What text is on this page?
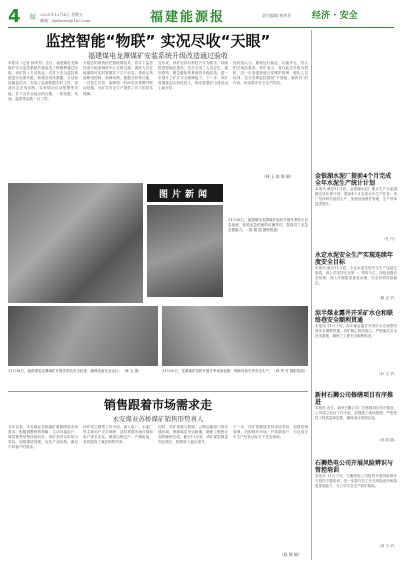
4 版 2020年12月4日 星期五
邮箱：fjnfnews@163.com	福建能源报	责任编辑 林秀芳 经济 · 安全
监控智能“物联” 实况尽收“天眼”
福建煤电龙潭煤矿安装系统升级改造通过验收
本报讯（记者 林秀芳）近日，福建煤电龙潭煤矿安全监控系统升级改造工程顺利通过验收。该矿投入专项资金，对井下安全监控系统进行全面升级，新增各类传感器、分站和视频监控点，实现了监测数据实时上传、设备状态在线诊断、异常情况自动报警等功能，井下各作业地点的瓦斯、一氧化碳、风速、温度等参数一目了然。
升级后的系统依托物联网技术，将井下监控设备与地面调度中心互联互通，调度人员在地面即可实时掌握井下生产动态。系统还具备断电控制、故障闭锁、数据分析等功能，一旦发生异常，能够第一时间发出预警并联动处置，为矿井安全生产提供了有力的技术保障。
近年来，该矿坚持以科技兴安为抓手，持续推进智能化建设，先后完成了人员定位、通信联络、紧急避险等系统的升级改造，进一步提升了矿井安全保障能力。下一步，该矿将继续加大科技投入，推动智慧矿山建设迈上新台阶。
验收组认为，系统运行稳定，功能齐全，符合相关规范要求。该矿表示，将以此次升级为契机，进一步加强系统日常维护管理，强化人员培训，充分发挥监控系统“千里眼、顺风耳”的作用，切实筑牢安全生产防线。
（林 玉 陈 锦 瑞）
图片新闻
11月16日，福建煤电龙潭煤矿组织开展冬季防火应急演练，检验应急预案的可操作性，提高员工应急处置能力。（陈 锦 瑞 摄影报道）
11月18日，福建煤电龙潭煤矿开展皮带机安全检查，确保设备安全运行。（林 玉 摄）	11月20日，龙潭煤矿组织开展冬季设备检修，保障设备冬季安全生产。（林 秀 芳 摄影报道）
销售跟着市场需求走
永安煤业苏桥煤矿销售形势喜人
今年以来，永安煤业苏桥煤矿紧紧围绕市场需求，积极调整销售策略，主动对接用户，煤炭销售形势持续向好。该矿坚持以市场为导向，加强煤质管理，优化产品结构，满足不同客户的需求。
该矿成立销售工作小组，深入电厂、水泥厂等主要用户走访调研，及时掌握市场行情和用户需求变化，做到以销定产、产销衔接，有效提高了煤炭销售效率。
同时，该矿加强与铁路、公路运输部门的沟通协调，保障煤炭外运畅通，确保了销售计划的顺利完成。截至11月底，该矿煤炭销量同比增长，销售收入稳步提升。
下一步，该矿将继续坚持市场导向，加强营销管理，巩固现有市场，开拓新客户，为完成全年生产经营目标打下坚实基础。
（陈 锦 瑞）
金银湖水泥厂提前4个月完成全年水泥生产统计计划
本报讯 截至11月底，金银湖水泥厂累计生产水泥超额完成年度计划，提前4个月完成全年生产任务。该厂坚持科学组织生产，加强设备维护管理，生产效率显著提升。
（杜 丹）
永定水泥安全生产实现连续年度安全目标
本报讯 截至11月底，永定水泥实现安全生产连续无事故，该公司坚持安全第一、预防为主，持续加强安全管理，深入开展隐患排查治理，安全形势持续稳定。
（赖 志 华）
涼半煤业露井开采矿水仓和联络巷安全顺利贯通
本报讯 11月下旬，涼半煤业露井开采矿水仓和联络巷安全顺利贯通。该矿精心组织施工，严格落实安全技术措施，确保了工程安全顺利推进。
（叶 文 华）
新材石狮公司修缮项目有序推进
本报讯 近日，新材石狮公司厂区修缮项目有序推进。公司成立项目工作小组，加强施工现场管理，严格把控工程质量和进度，确保项目按期完成。
（何 丽 娜）
石狮热电公司开展风险辨识与管控培训
本报讯 11月下旬，石狮热电公司组织开展风险辨识与管控专题培训，进一步提升员工安全风险意识和隐患排查能力，为公司安全生产筑牢基础。
（黄 少 华）
